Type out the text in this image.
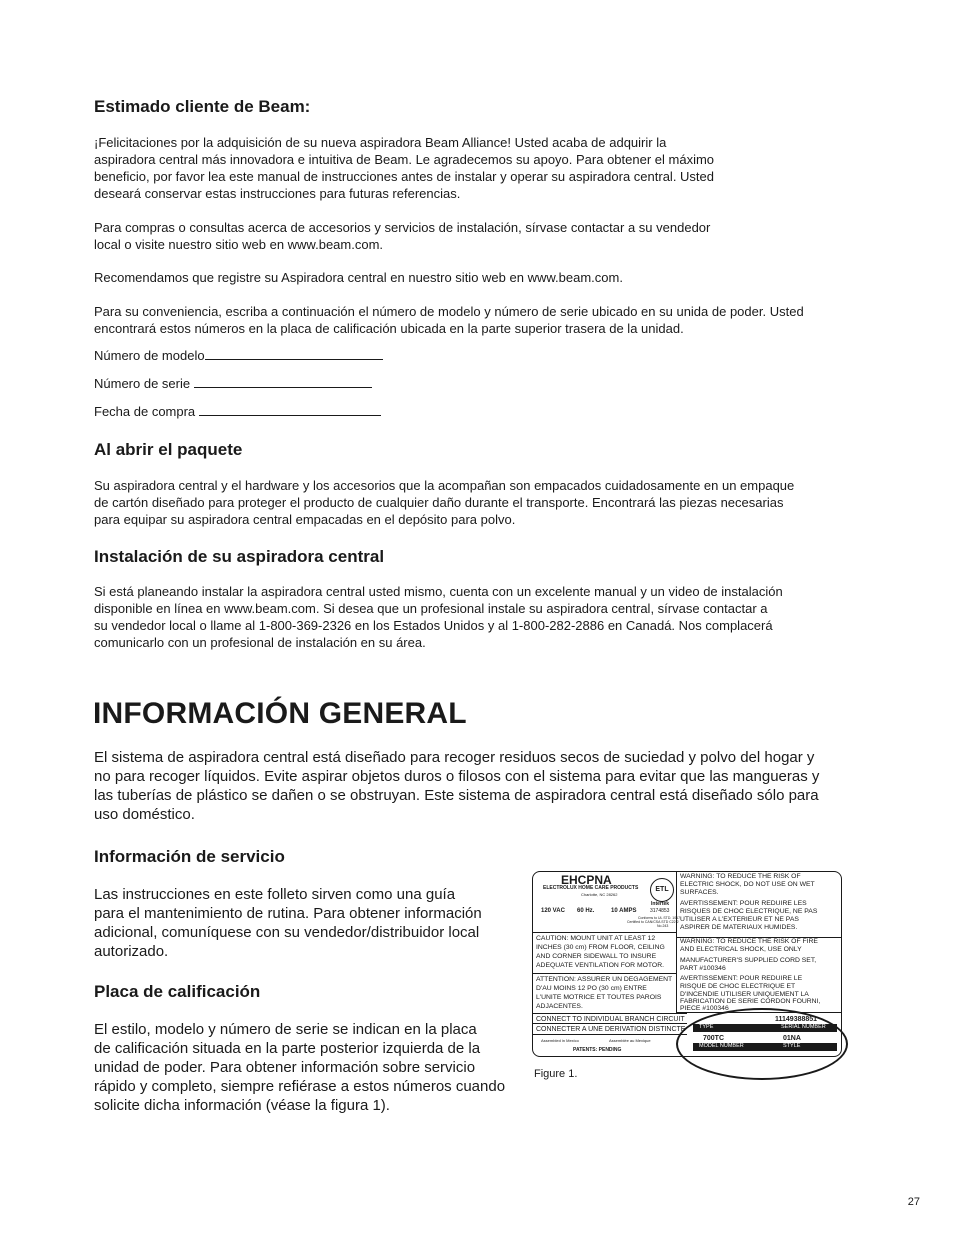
Estimado cliente de Beam:

¡Felicitaciones por la adquisición de su nueva aspiradora Beam Alliance! Usted acaba de adquirir la
aspiradora central más innovadora e intuitiva de Beam. Le agradecemos su apoyo. Para obtener el máximo
beneficio, por favor lea este manual de instrucciones antes de instalar y operar su aspiradora central. Usted
deseará conservar estas instrucciones para futuras referencias.

Para compras o consultas acerca de accesorios y servicios de instalación, sírvase contactar a su vendedor
local o visite nuestro sitio web en www.beam.com.

Recomendamos que registre su Aspiradora central en nuestro sitio web en www.beam.com.

Para su conveniencia, escriba a continuación el número de modelo y número de serie ubicado en su unida de poder. Usted
encontrará estos números en la placa de calificación ubicada en la parte superior trasera de la unidad.

Número de modelo
Número de serie
Fecha de compra
Al abrir el paquete

Su aspiradora central y el hardware y los accesorios que la acompañan son empacados cuidadosamente en un empaque
de cartón diseñado para proteger el producto de cualquier daño durante el transporte. Encontrará las piezas necesarias
para equipar su aspiradora central empacadas en el depósito para polvo.

Instalación de su aspiradora central

Si está planeando instalar la aspiradora central usted mismo, cuenta con un excelente manual y un video de instalación
disponible en línea en www.beam.com. Si desea que un profesional instale su aspiradora central, sírvase contactar a
su vendedor local o llame al 1-800-369-2326 en los Estados Unidos y al 1-800-282-2886 en Canadá. Nos complacerá
comunicarlo con un profesional de instalación en su área.

INFORMACIÓN GENERAL

El sistema de aspiradora central está diseñado para recoger residuos secos de suciedad y polvo del hogar y
no para recoger líquidos. Evite aspirar objetos duros o filosos con el sistema para evitar que las mangueras y
las tuberías de plástico se dañen o se obstruyan. Este sistema de aspiradora central está diseñado sólo para
uso doméstico.

Información de servicio

Las instrucciones en este folleto sirven como una guía
para el mantenimiento de rutina. Para obtener información
adicional, comuníquese con su vendedor/distribuidor local
autorizado.

Placa de calificación

El estilo, modelo y número de serie se indican en la placa
de calificación situada en la parte posterior izquierda de la
unidad de poder. Para obtener información sobre servicio
rápido y completo, siempre refiérase a estos números cuando
solicite dicha información (véase la figura 1).

EHCPNA
ELECTROLUX HOME CARE PRODUCTS
Charlotte, NC 28262
120 VAC 60 Hz.	10 AMPS
Intertek
3174853
Conforms to UL STD. 1017
Certified to CAN/CSA STD C22.2
No.243
CAUTION: MOUNT UNIT AT LEAST 12
INCHES (30 cm) FROM FLOOR, CEILING
AND CORNER SIDEWALL TO INSURE
ADEQUATE VENTILATION FOR MOTOR.
ATTENTION: ASSURER UN DEGAGEMENT
D'AU MOINS 12 PO (30 cm) ENTRE
L'UNITE MOTRICE ET TOUTES PAROIS
ADJACENTES.
CONNECT TO INDIVIDUAL BRANCH CIRCUIT
CONNECTER A UNE DERIVATION DISTINCTE
Assembled in Mexico	Assemblée au Mexique
PATENTS: PENDING
WARNING: TO REDUCE THE RISK OF
ELECTRIC SHOCK, DO NOT USE ON WET
SURFACES.
AVERTISSEMENT: POUR REDUIRE LES
RISQUES DE CHOC ELECTRIQUE, NE PAS
UTILISER A L'EXTERIEUR ET NE PAS
ASPIRER DE MATERIAUX HUMIDES.
WARNING: TO REDUCE THE RISK OF FIRE
AND ELECTRICAL SHOCK, USE ONLY
MANUFACTURER'S SUPPLIED CORD SET,
PART #100346
AVERTISSEMENT: POUR REDUIRE LE
RISQUE DE CHOC ELECTRIQUE ET
D'INCENDIE UTILISER UNIQUEMENT LA
FABRICATION DE SERIE CORDON FOURNI,
PIECE #100346
11149388851
TYPE	SERIAL NUMBER
700TC	01NA
MODEL NUMBER	STYLE
ETL
Figure 1.
27
